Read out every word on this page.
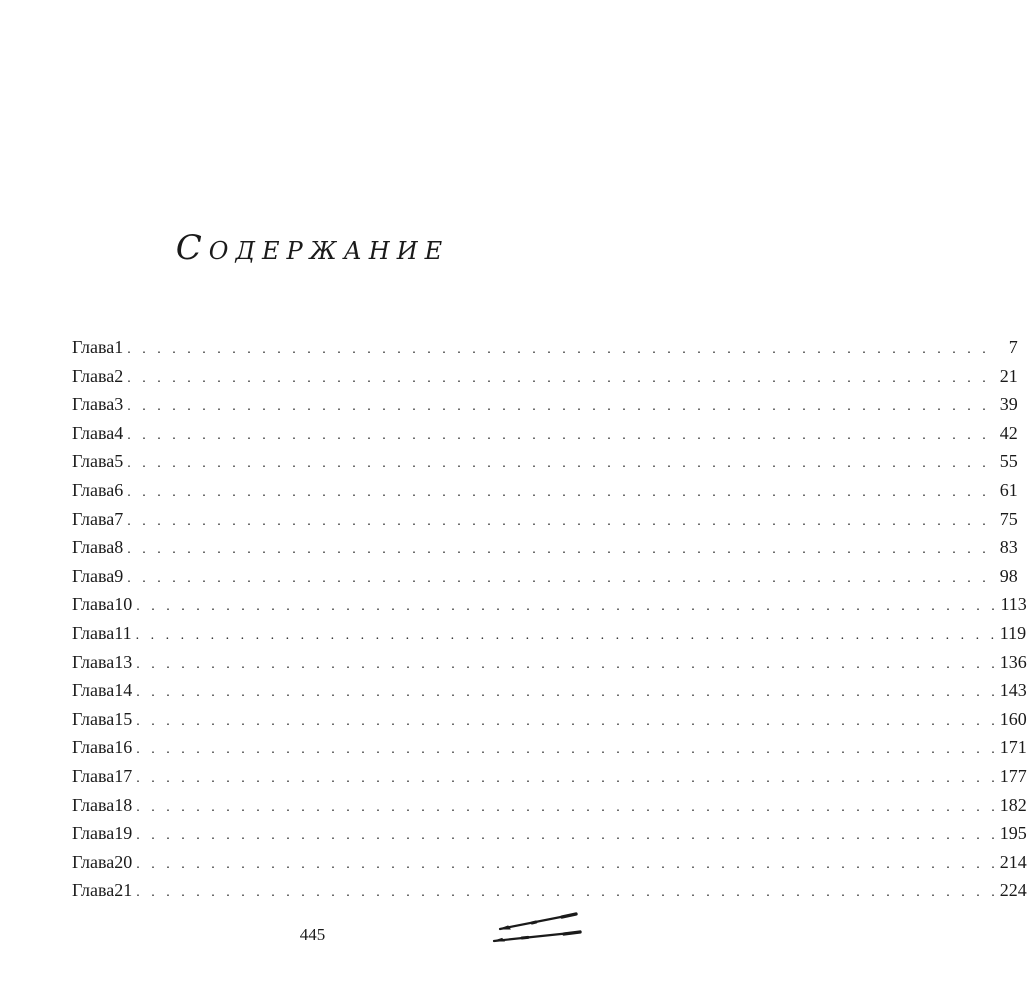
Содержание
Глава 1 . . . . . . . . . . . . . . . . . . . . . . . . . . . . . . . . . . . . . . . . . . . . . . . . . . . . . . . . . .	7
Глава 2 . . . . . . . . . . . . . . . . . . . . . . . . . . . . . . . . . . . . . . . . . . . . . . . . . . . . . . . . . . 21
Глава 3 . . . . . . . . . . . . . . . . . . . . . . . . . . . . . . . . . . . . . . . . . . . . . . . . . . . . . . . . . . 39
Глава 4 . . . . . . . . . . . . . . . . . . . . . . . . . . . . . . . . . . . . . . . . . . . . . . . . . . . . . . . . . . 42
Глава 5 . . . . . . . . . . . . . . . . . . . . . . . . . . . . . . . . . . . . . . . . . . . . . . . . . . . . . . . . . . 55
Глава 6 . . . . . . . . . . . . . . . . . . . . . . . . . . . . . . . . . . . . . . . . . . . . . . . . . . . . . . . . . . 61
Глава 7 . . . . . . . . . . . . . . . . . . . . . . . . . . . . . . . . . . . . . . . . . . . . . . . . . . . . . . . . . . 75
Глава 8 . . . . . . . . . . . . . . . . . . . . . . . . . . . . . . . . . . . . . . . . . . . . . . . . . . . . . . . . . . 83
Глава 9 . . . . . . . . . . . . . . . . . . . . . . . . . . . . . . . . . . . . . . . . . . . . . . . . . . . . . . . . . . 98
Глава 10 . . . . . . . . . . . . . . . . . . . . . . . . . . . . . . . . . . . . . . . . . . . . . . . . . . . . . . . . . . 113
Глава 11 . . . . . . . . . . . . . . . . . . . . . . . . . . . . . . . . . . . . . . . . . . . . . . . . . . . . . . . . . . 119
Глава 13 . . . . . . . . . . . . . . . . . . . . . . . . . . . . . . . . . . . . . . . . . . . . . . . . . . . . . . . . . . 136
Глава 14 . . . . . . . . . . . . . . . . . . . . . . . . . . . . . . . . . . . . . . . . . . . . . . . . . . . . . . . . . . 143
Глава 15 . . . . . . . . . . . . . . . . . . . . . . . . . . . . . . . . . . . . . . . . . . . . . . . . . . . . . . . . . . 160
Глава 16 . . . . . . . . . . . . . . . . . . . . . . . . . . . . . . . . . . . . . . . . . . . . . . . . . . . . . . . . . . 171
Глава 17 . . . . . . . . . . . . . . . . . . . . . . . . . . . . . . . . . . . . . . . . . . . . . . . . . . . . . . . . . . 177
Глава 18 . . . . . . . . . . . . . . . . . . . . . . . . . . . . . . . . . . . . . . . . . . . . . . . . . . . . . . . . . . 182
Глава 19 . . . . . . . . . . . . . . . . . . . . . . . . . . . . . . . . . . . . . . . . . . . . . . . . . . . . . . . . . . 195
Глава 20 . . . . . . . . . . . . . . . . . . . . . . . . . . . . . . . . . . . . . . . . . . . . . . . . . . . . . . . . . . 214
Глава 21 . . . . . . . . . . . . . . . . . . . . . . . . . . . . . . . . . . . . . . . . . . . . . . . . . . . . . . . . . . 224
445
